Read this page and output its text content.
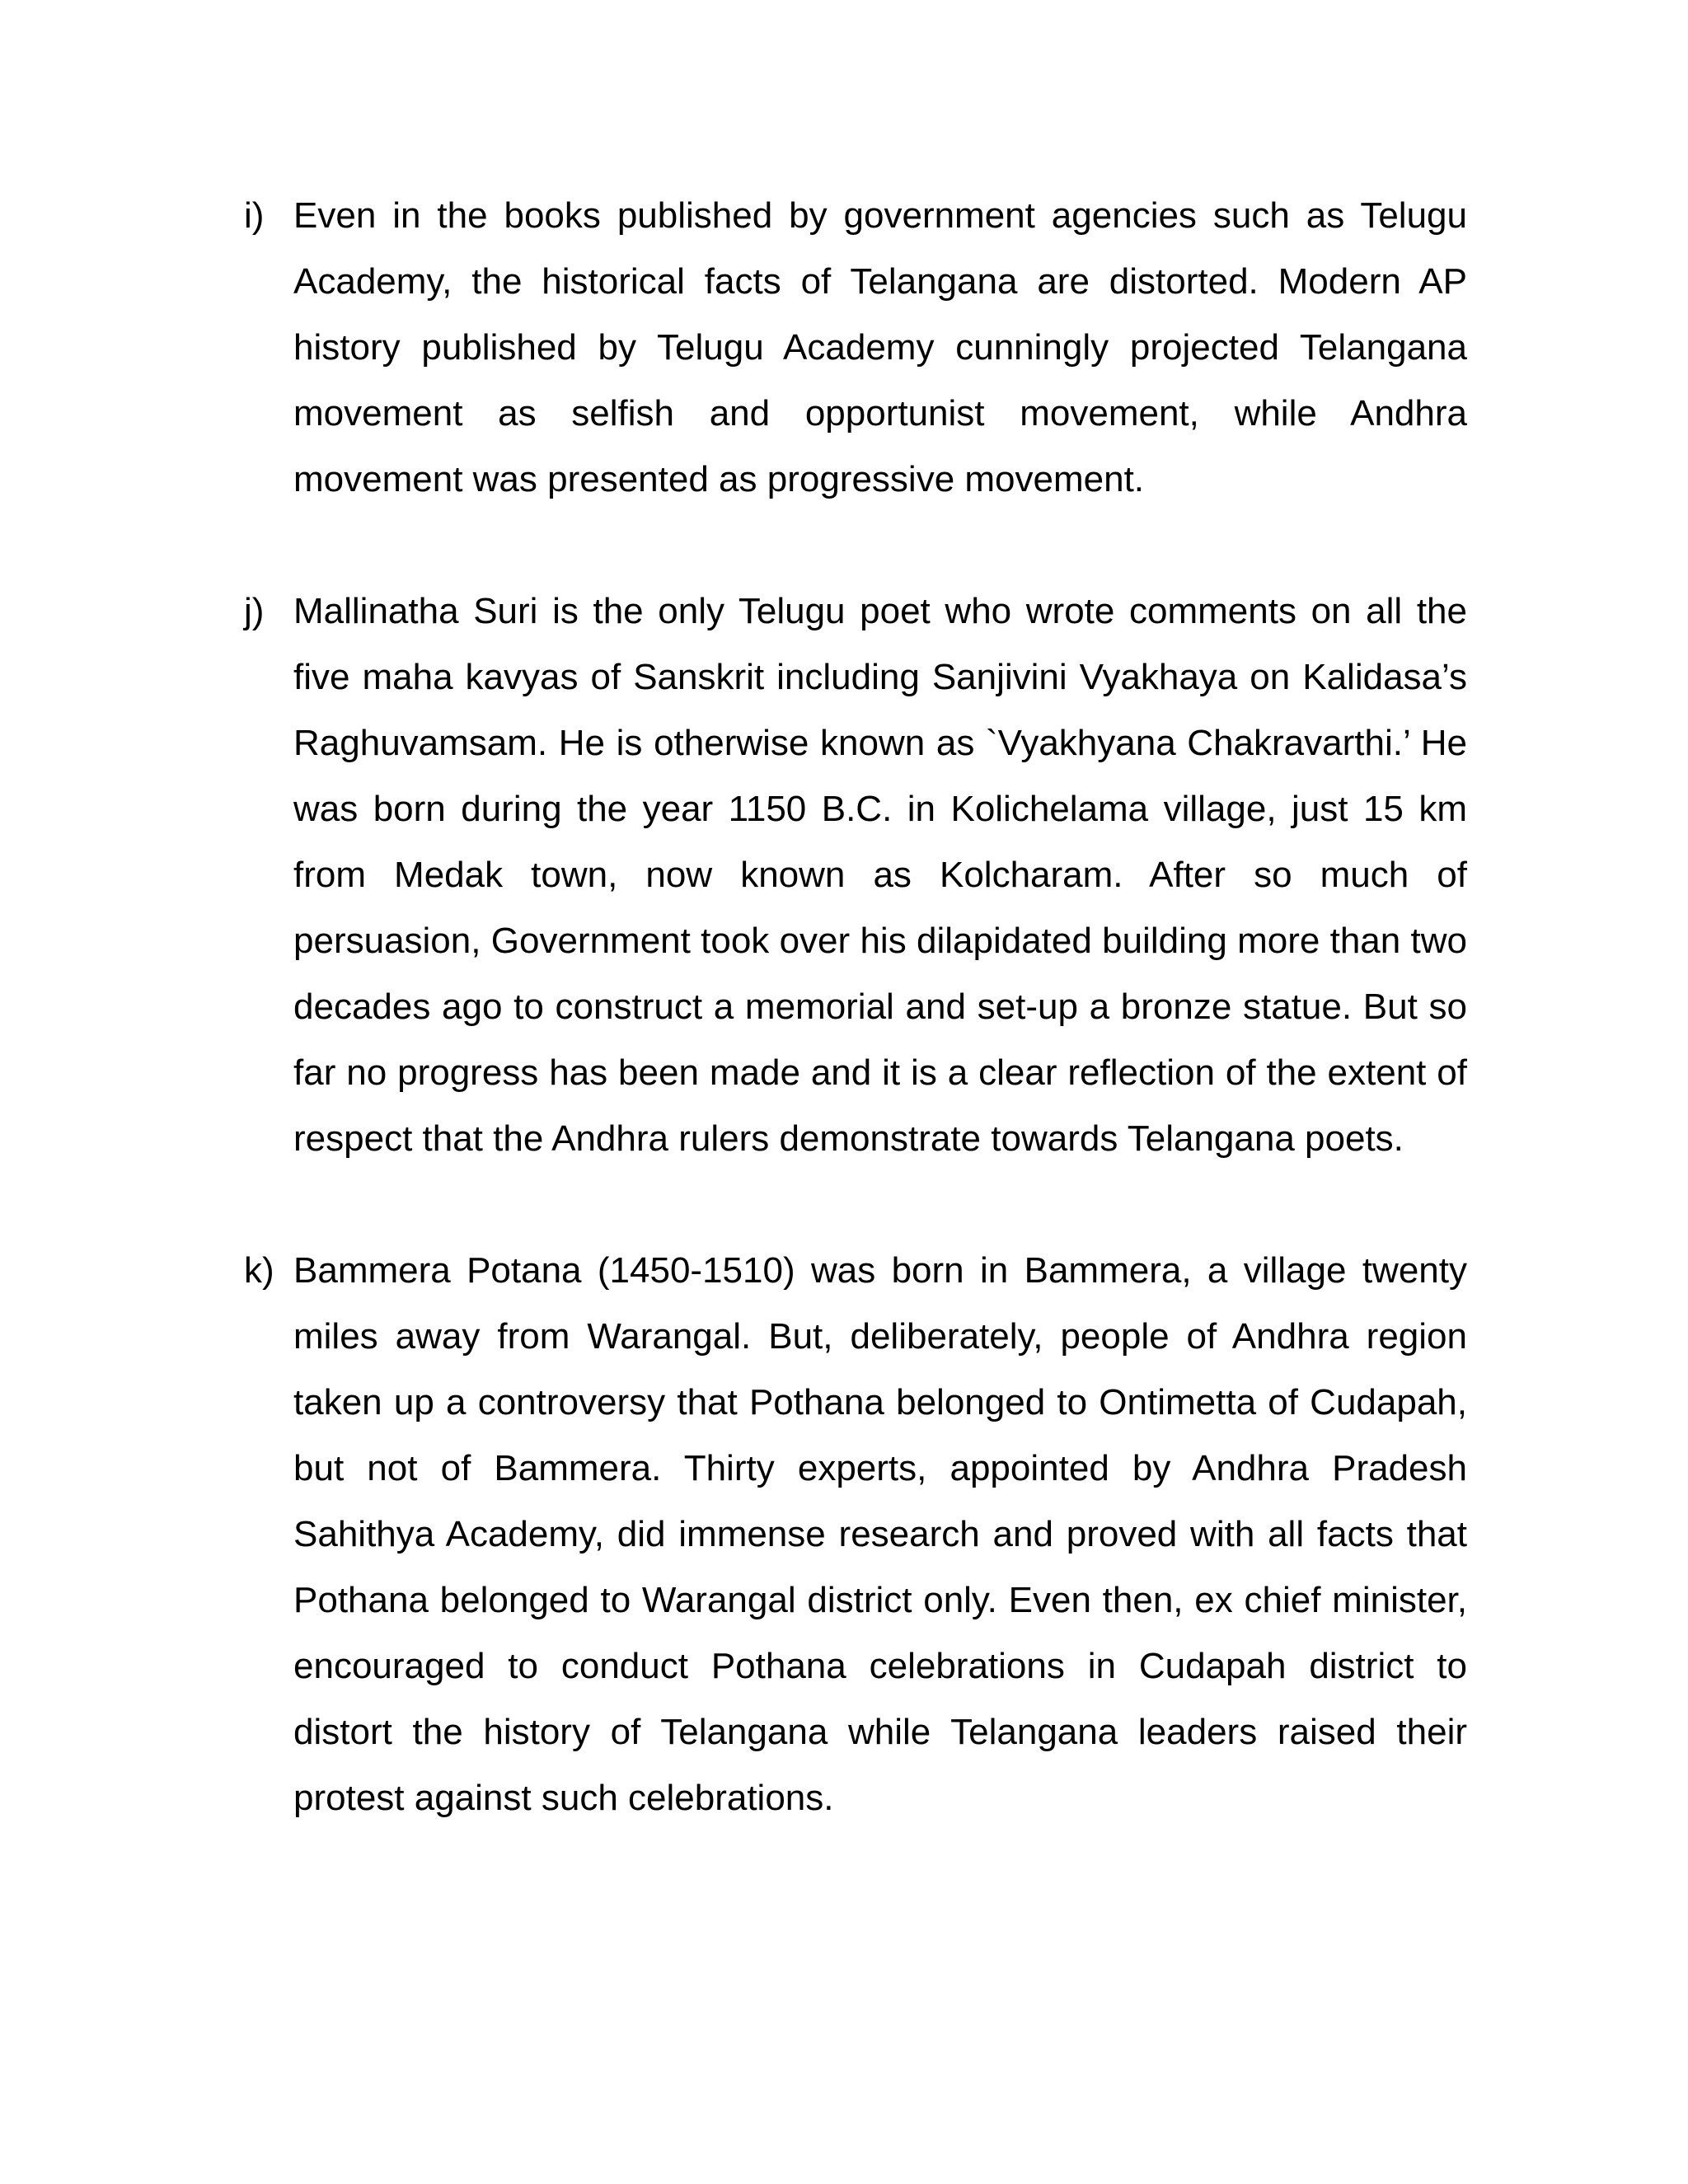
i) Even in the books published by government agencies such as Telugu Academy, the historical facts of Telangana are distorted. Modern AP history published by Telugu Academy cunningly projected Telangana movement as selfish and opportunist movement, while Andhra movement was presented as progressive movement.
j) Mallinatha Suri is the only Telugu poet who wrote comments on all the five maha kavyas of Sanskrit including Sanjivini Vyakhaya on Kalidasa’s Raghuvamsam. He is otherwise known as `Vyakhyana Chakravarthi.’ He was born during the year 1150 B.C. in Kolichelama village, just 15 km from Medak town, now known as Kolcharam. After so much of persuasion, Government took over his dilapidated building more than two decades ago to construct a memorial and set-up a bronze statue. But so far no progress has been made and it is a clear reflection of the extent of respect that the Andhra rulers demonstrate towards Telangana poets.
k) Bammera Potana (1450-1510) was born in Bammera, a village twenty miles away from Warangal. But, deliberately, people of Andhra region taken up a controversy that Pothana belonged to Ontimetta of Cudapah, but not of Bammera. Thirty experts, appointed by Andhra Pradesh Sahithya Academy, did immense research and proved with all facts that Pothana belonged to Warangal district only. Even then, ex chief minister, encouraged to conduct Pothana celebrations in Cudapah district to distort the history of Telangana while Telangana leaders raised their protest against such celebrations.
